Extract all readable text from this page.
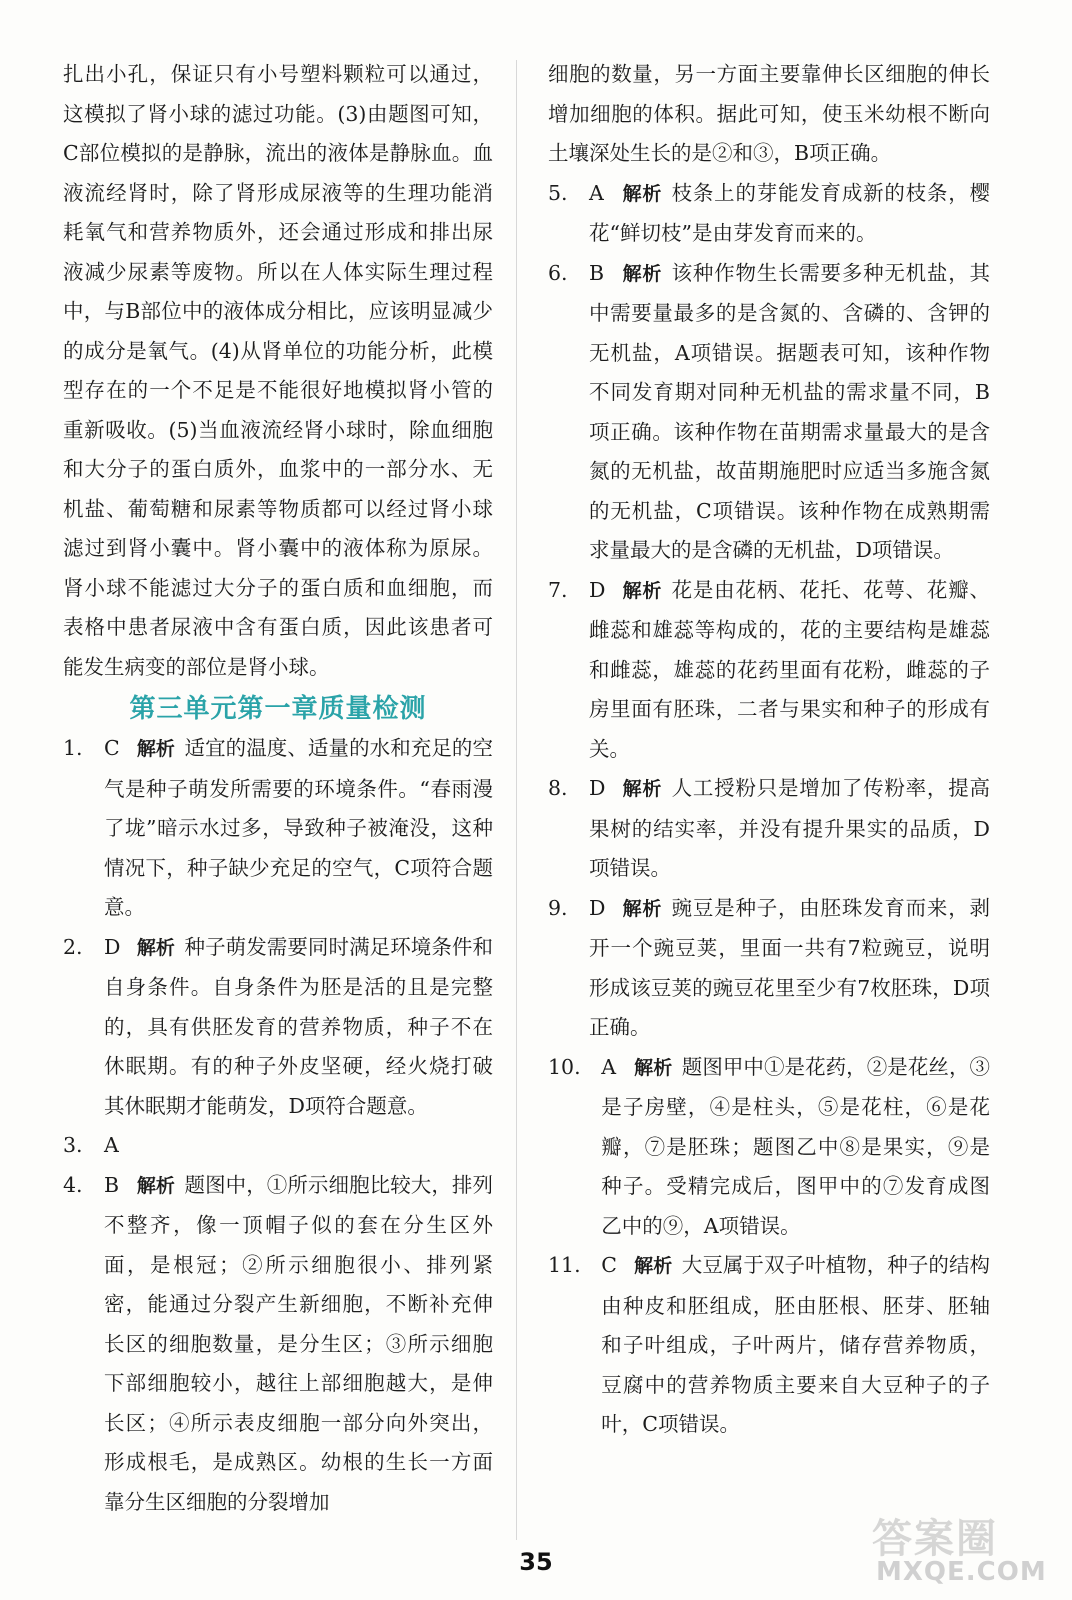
扎出小孔，保证只有小号塑料颗粒可以通过，这模拟了肾小球的滤过功能。(3)由题图可知，C部位模拟的是静脉，流出的液体是静脉血。血液流经肾时，除了肾形成尿液等的生理功能消耗氧气和营养物质外，还会通过形成和排出尿液减少尿素等废物。所以在人体实际生理过程中，与B部位中的液体成分相比，应该明显减少的成分是氧气。(4)从肾单位的功能分析，此模型存在的一个不足是不能很好地模拟肾小管的重新吸收。(5)当血液流经肾小球时，除血细胞和大分子的蛋白质外，血浆中的一部分水、无机盐、葡萄糖和尿素等物质都可以经过肾小球滤过到肾小囊中。肾小囊中的液体称为原尿。肾小球不能滤过大分子的蛋白质和血细胞，而表格中患者尿液中含有蛋白质，因此该患者可能发生病变的部位是肾小球。

第三单元第一章质量检测

1. C 解析 适宜的温度、适量的水和充足的空气是种子萌发所需要的环境条件。“春雨漫了垅”暗示水过多，导致种子被淹没，这种情况下，种子缺少充足的空气，C项符合题意。

2. D 解析 种子萌发需要同时满足环境条件和自身条件。自身条件为胚是活的且是完整的，具有供胚发育的营养物质，种子不在休眠期。有的种子外皮坚硬，经火烧打破其休眠期才能萌发，D项符合题意。

3. A

4. B 解析 题图中，①所示细胞比较大，排列不整齐，像一顶帽子似的套在分生区外面，是根冠；②所示细胞很小、排列紧密，能通过分裂产生新细胞，不断补充伸长区的细胞数量，是分生区；③所示细胞下部细胞较小，越往上部细胞越大，是伸长区；④所示表皮细胞一部分向外突出，形成根毛，是成熟区。幼根的生长一方面靠分生区细胞的分裂增加

细胞的数量，另一方面主要靠伸长区细胞的伸长增加细胞的体积。据此可知，使玉米幼根不断向土壤深处生长的是②和③，B项正确。

5. A 解析 枝条上的芽能发育成新的枝条，樱花“鲜切枝”是由芽发育而来的。

6. B 解析 该种作物生长需要多种无机盐，其中需要量最多的是含氮的、含磷的、含钾的无机盐，A项错误。据题表可知，该种作物不同发育期对同种无机盐的需求量不同，B项正确。该种作物在苗期需求量最大的是含氮的无机盐，故苗期施肥时应适当多施含氮的无机盐，C项错误。该种作物在成熟期需求量最大的是含磷的无机盐，D项错误。

7. D 解析 花是由花柄、花托、花萼、花瓣、雌蕊和雄蕊等构成的，花的主要结构是雄蕊和雌蕊，雄蕊的花药里面有花粉，雌蕊的子房里面有胚珠，二者与果实和种子的形成有关。

8. D 解析 人工授粉只是增加了传粉率，提高果树的结实率，并没有提升果实的品质，D项错误。

9. D 解析 豌豆是种子，由胚珠发育而来，剥开一个豌豆荚，里面一共有7粒豌豆，说明形成该豆荚的豌豆花里至少有7枚胚珠，D项正确。

10. A 解析 题图甲中①是花药，②是花丝，③是子房壁，④是柱头，⑤是花柱，⑥是花瓣，⑦是胚珠；题图乙中⑧是果实，⑨是种子。受精完成后，图甲中的⑦发育成图乙中的⑨，A项错误。

11. C 解析 大豆属于双子叶植物，种子的结构由种皮和胚组成，胚由胚根、胚芽、胚轴和子叶组成，子叶两片，储存营养物质，豆腐中的营养物质主要来自大豆种子的子叶，C项错误。

35	答案圈
MXQE.COM
